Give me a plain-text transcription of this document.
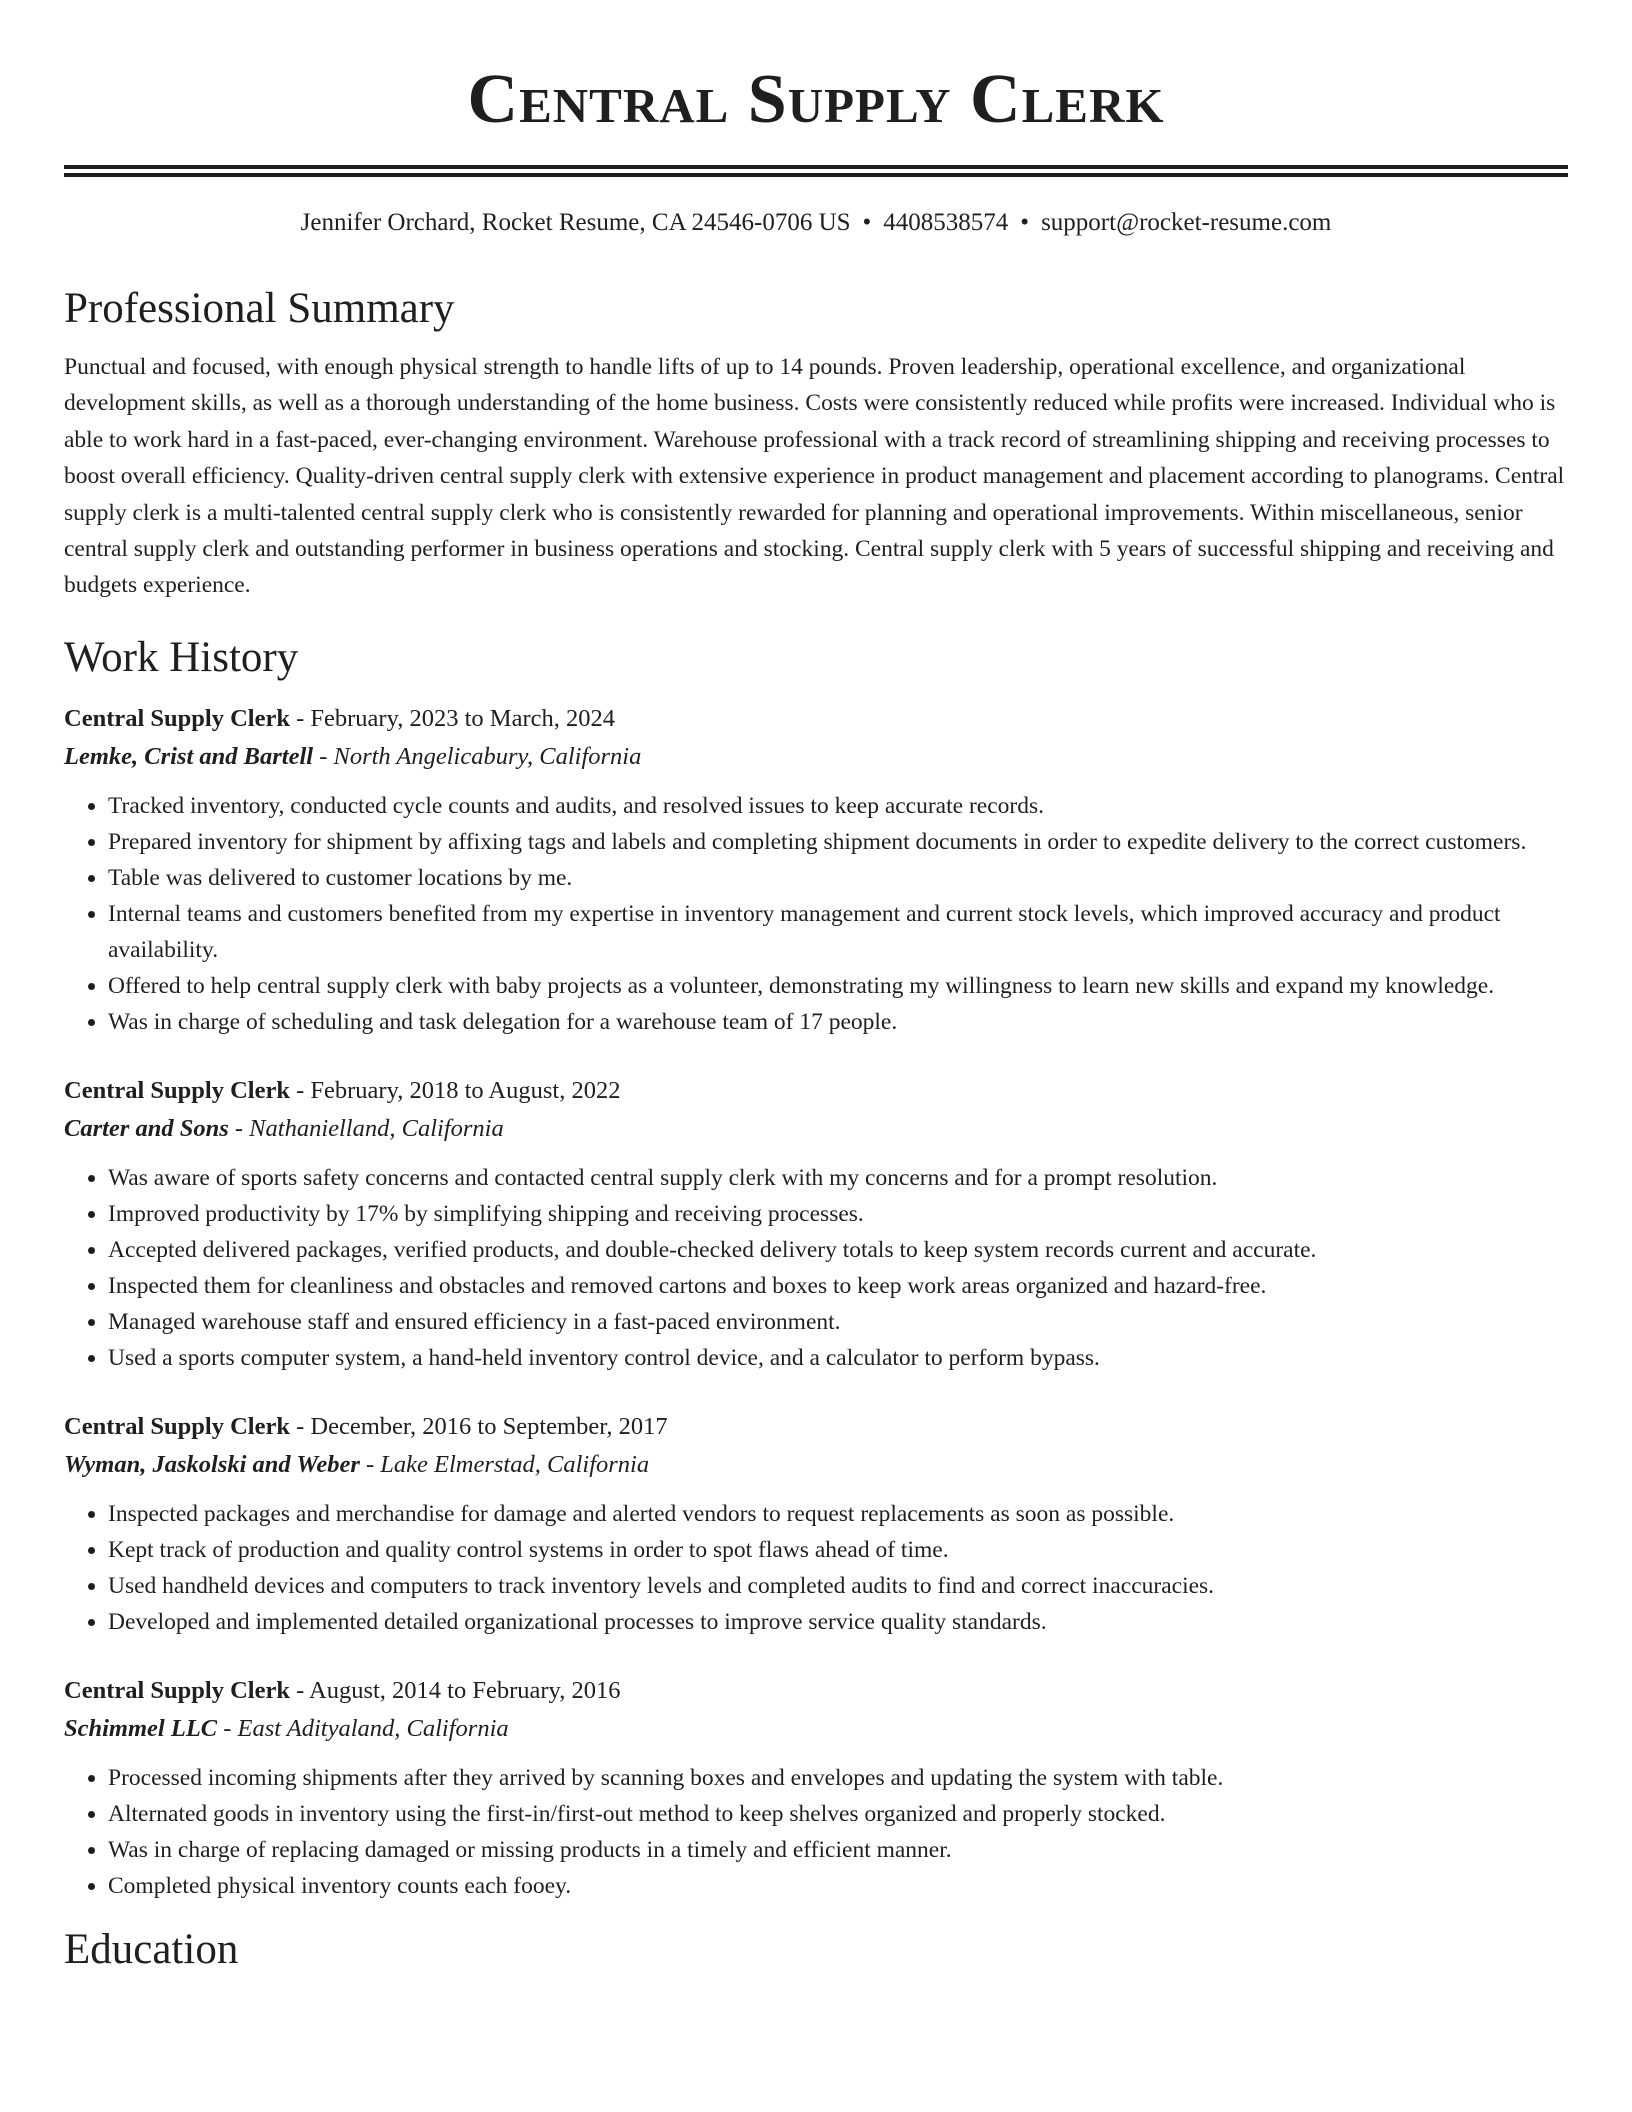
Central Supply Clerk
Jennifer Orchard, Rocket Resume, CA 24546-0706 US • 4408538574 • support@rocket-resume.com
Professional Summary
Punctual and focused, with enough physical strength to handle lifts of up to 14 pounds. Proven leadership, operational excellence, and organizational development skills, as well as a thorough understanding of the home business. Costs were consistently reduced while profits were increased. Individual who is able to work hard in a fast-paced, ever-changing environment. Warehouse professional with a track record of streamlining shipping and receiving processes to boost overall efficiency. Quality-driven central supply clerk with extensive experience in product management and placement according to planograms. Central supply clerk is a multi-talented central supply clerk who is consistently rewarded for planning and operational improvements. Within miscellaneous, senior central supply clerk and outstanding performer in business operations and stocking. Central supply clerk with 5 years of successful shipping and receiving and budgets experience.
Work History
Central Supply Clerk - February, 2023 to March, 2024
Lemke, Crist and Bartell - North Angelicabury, California
• Tracked inventory, conducted cycle counts and audits, and resolved issues to keep accurate records.
• Prepared inventory for shipment by affixing tags and labels and completing shipment documents in order to expedite delivery to the correct customers.
• Table was delivered to customer locations by me.
• Internal teams and customers benefited from my expertise in inventory management and current stock levels, which improved accuracy and product availability.
• Offered to help central supply clerk with baby projects as a volunteer, demonstrating my willingness to learn new skills and expand my knowledge.
• Was in charge of scheduling and task delegation for a warehouse team of 17 people.
Central Supply Clerk - February, 2018 to August, 2022
Carter and Sons - Nathanielland, California
• Was aware of sports safety concerns and contacted central supply clerk with my concerns and for a prompt resolution.
• Improved productivity by 17% by simplifying shipping and receiving processes.
• Accepted delivered packages, verified products, and double-checked delivery totals to keep system records current and accurate.
• Inspected them for cleanliness and obstacles and removed cartons and boxes to keep work areas organized and hazard-free.
• Managed warehouse staff and ensured efficiency in a fast-paced environment.
• Used a sports computer system, a hand-held inventory control device, and a calculator to perform bypass.
Central Supply Clerk - December, 2016 to September, 2017
Wyman, Jaskolski and Weber - Lake Elmerstad, California
• Inspected packages and merchandise for damage and alerted vendors to request replacements as soon as possible.
• Kept track of production and quality control systems in order to spot flaws ahead of time.
• Used handheld devices and computers to track inventory levels and completed audits to find and correct inaccuracies.
• Developed and implemented detailed organizational processes to improve service quality standards.
Central Supply Clerk - August, 2014 to February, 2016
Schimmel LLC - East Adityaland, California
• Processed incoming shipments after they arrived by scanning boxes and envelopes and updating the system with table.
• Alternated goods in inventory using the first-in/first-out method to keep shelves organized and properly stocked.
• Was in charge of replacing damaged or missing products in a timely and efficient manner.
• Completed physical inventory counts each fooey.
Education
